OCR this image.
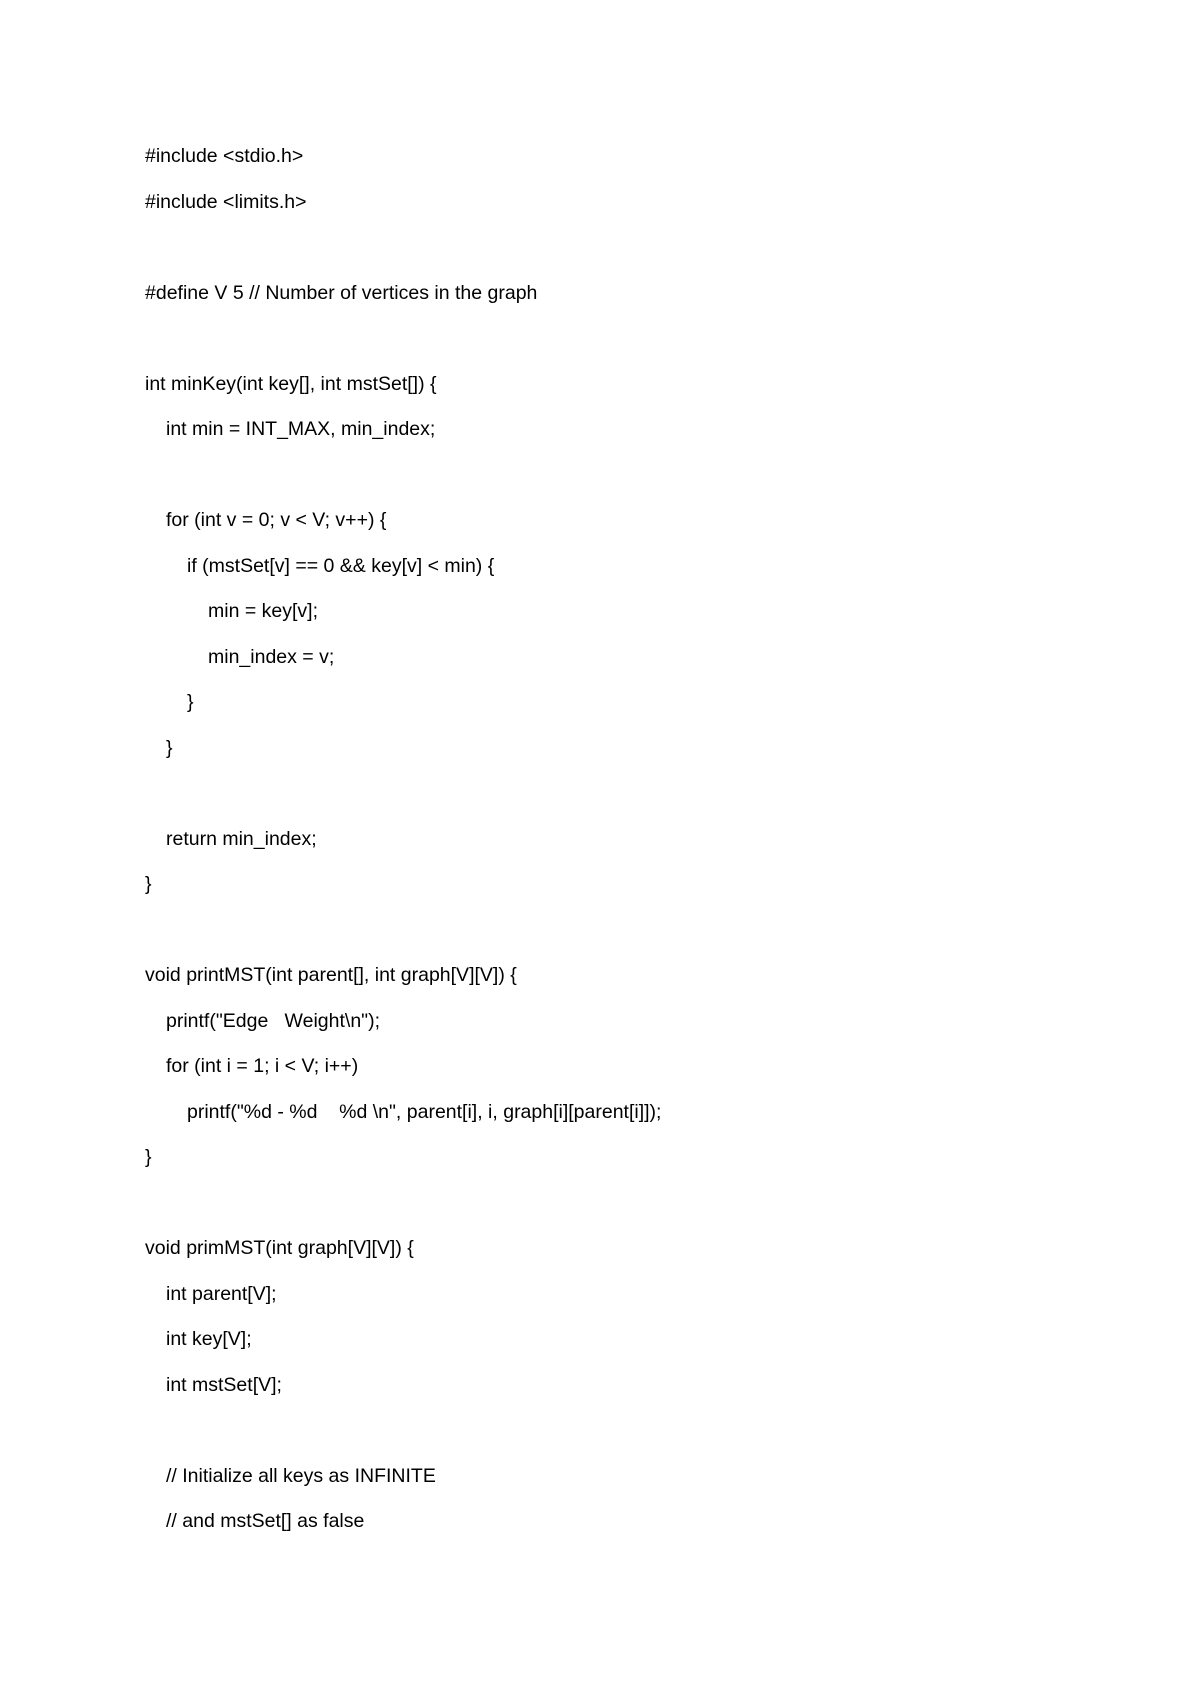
#include <stdio.h>
#include <limits.h>
#define V 5 // Number of vertices in the graph
int minKey(int key[], int mstSet[]) {
int min = INT_MAX, min_index;
for (int v = 0; v < V; v++) {
if (mstSet[v] == 0 && key[v] < min) {
min = key[v];
min_index = v;
}
}
return min_index;
}
void printMST(int parent[], int graph[V][V]) {
printf("Edge   Weight\n");
for (int i = 1; i < V; i++)
printf("%d - %d    %d \n", parent[i], i, graph[i][parent[i]]);
}
void primMST(int graph[V][V]) {
int parent[V];
int key[V];
int mstSet[V];
// Initialize all keys as INFINITE
// and mstSet[] as false
